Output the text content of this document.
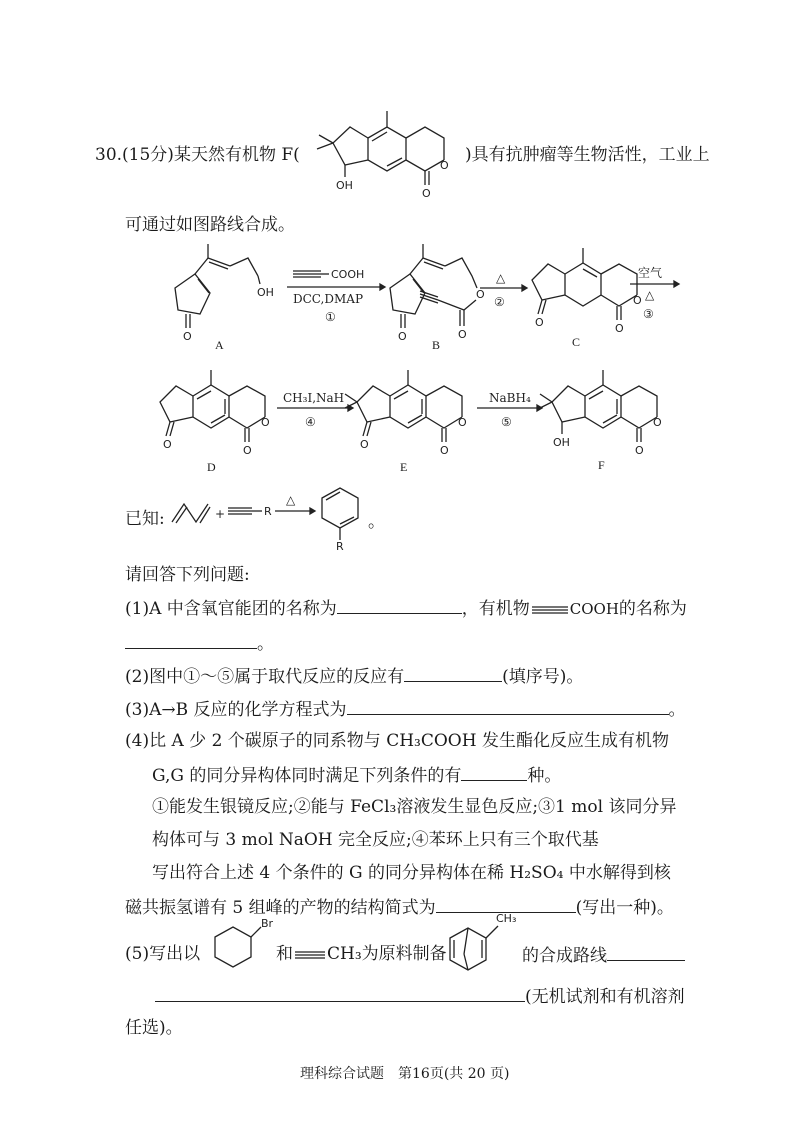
30.(15分)某天然有机物 F(
OH
O
O
)具有抗肿瘤等生物活性，工业上
可通过如图路线合成。
O
OH
A
COOH
DCC,DMAP
①
O
O
O
B
△
②
O	O
O
C
空气
△
③
O	O
O
D
CH₃I,NaH
④
O	O
O
E
NaBH₄
⑤
OH
O
O
F
已知:	+	R
△
R
。
请回答下列问题:
(1)A 中含氧官能团的名称为	，有机物	COOH的名称为
。
(2)图中①～⑤属于取代反应的反应有	(填序号)。
(3)A→B 反应的化学方程式为	。
(4)比 A 少 2 个碳原子的同系物与 CH₃COOH 发生酯化反应生成有机物
G,G 的同分异构体同时满足下列条件的有	种。
①能发生银镜反应;②能与 FeCl₃溶液发生显色反应;③1 mol 该同分异
构体可与 3 mol NaOH 完全反应;④苯环上只有三个取代基
写出符合上述 4 个条件的 G 的同分异构体在稀 H₂SO₄ 中水解得到核
磁共振氢谱有 5 组峰的产物的结构简式为	(写出一种)。
(5)写出以
Br
和 CH₃为原料制备
CH₃
的合成路线
(无机试剂和有机溶剂
任选)。
理科综合试题　第16页(共 20 页)
